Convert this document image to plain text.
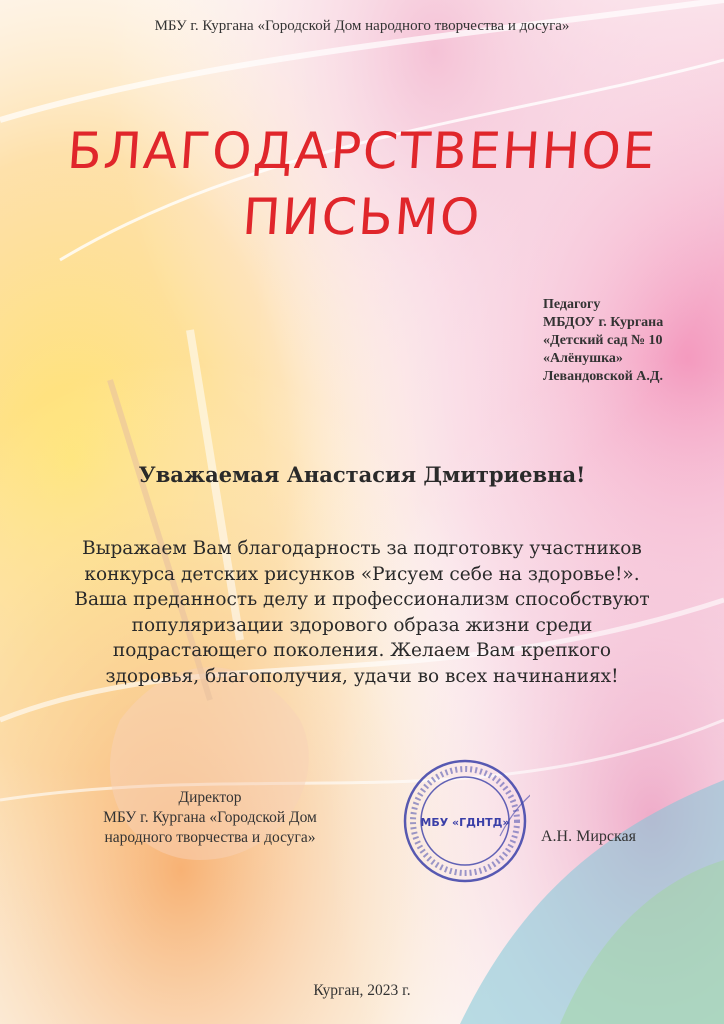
МБУ г. Кургана «Городской Дом народного творчества и досуга»
БЛАГОДАРСТВЕННОЕ
ПИСЬМО
Педагогу
МБДОУ г. Кургана
«Детский сад № 10
«Алёнушка»
Левандовской А.Д.
Уважаемая Анастасия Дмитриевна!
Выражаем Вам благодарность за подготовку участников
конкурса детских рисунков «Рисуем себе на здоровье!».
Ваша преданность делу и профессионализм способствуют
популяризации здорового образа жизни среди
подрастающего поколения. Желаем Вам крепкого
здоровья, благополучия, удачи во всех начинаниях!
Директор
МБУ г. Кургана «Городской Дом
народного творчества и досуга»
МБУ «ГДНТД»
А.Н. Мирская
Курган, 2023 г.
